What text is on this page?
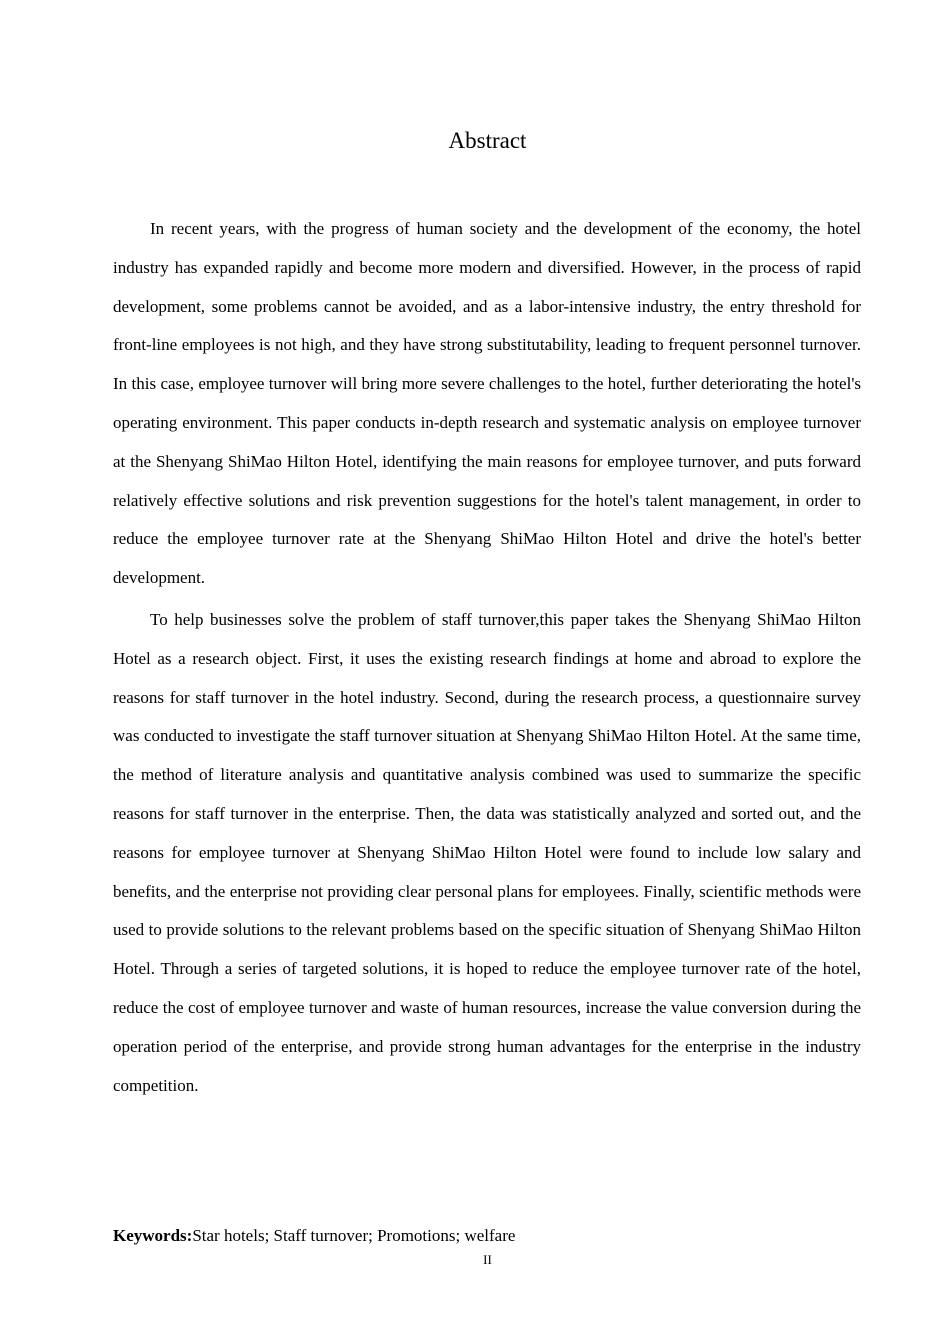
Abstract

In recent years, with the progress of human society and the development of the economy, the hotel industry has expanded rapidly and become more modern and diversified. However, in the process of rapid development, some problems cannot be avoided, and as a labor-intensive industry, the entry threshold for front-line employees is not high, and they have strong substitutability, leading to frequent personnel turnover. In this case, employee turnover will bring more severe challenges to the hotel, further deteriorating the hotel's operating environment. This paper conducts in-depth research and systematic analysis on employee turnover at the Shenyang ShiMao Hilton Hotel, identifying the main reasons for employee turnover, and puts forward relatively effective solutions and risk prevention suggestions for the hotel's talent management, in order to reduce the employee turnover rate at the Shenyang ShiMao Hilton Hotel and drive the hotel's better development.

To help businesses solve the problem of staff turnover,this paper takes the Shenyang ShiMao Hilton Hotel as a research object. First, it uses the existing research findings at home and abroad to explore the reasons for staff turnover in the hotel industry. Second, during the research process, a questionnaire survey was conducted to investigate the staff turnover situation at Shenyang ShiMao Hilton Hotel. At the same time, the method of literature analysis and quantitative analysis combined was used to summarize the specific reasons for staff turnover in the enterprise. Then, the data was statistically analyzed and sorted out, and the reasons for employee turnover at Shenyang ShiMao Hilton Hotel were found to include low salary and benefits, and the enterprise not providing clear personal plans for employees. Finally, scientific methods were used to provide solutions to the relevant problems based on the specific situation of Shenyang ShiMao Hilton Hotel. Through a series of targeted solutions, it is hoped to reduce the employee turnover rate of the hotel, reduce the cost of employee turnover and waste of human resources, increase the value conversion during the operation period of the enterprise, and provide strong human advantages for the enterprise in the industry competition.

Keywords:Star hotels; Staff turnover; Promotions; welfare

II
